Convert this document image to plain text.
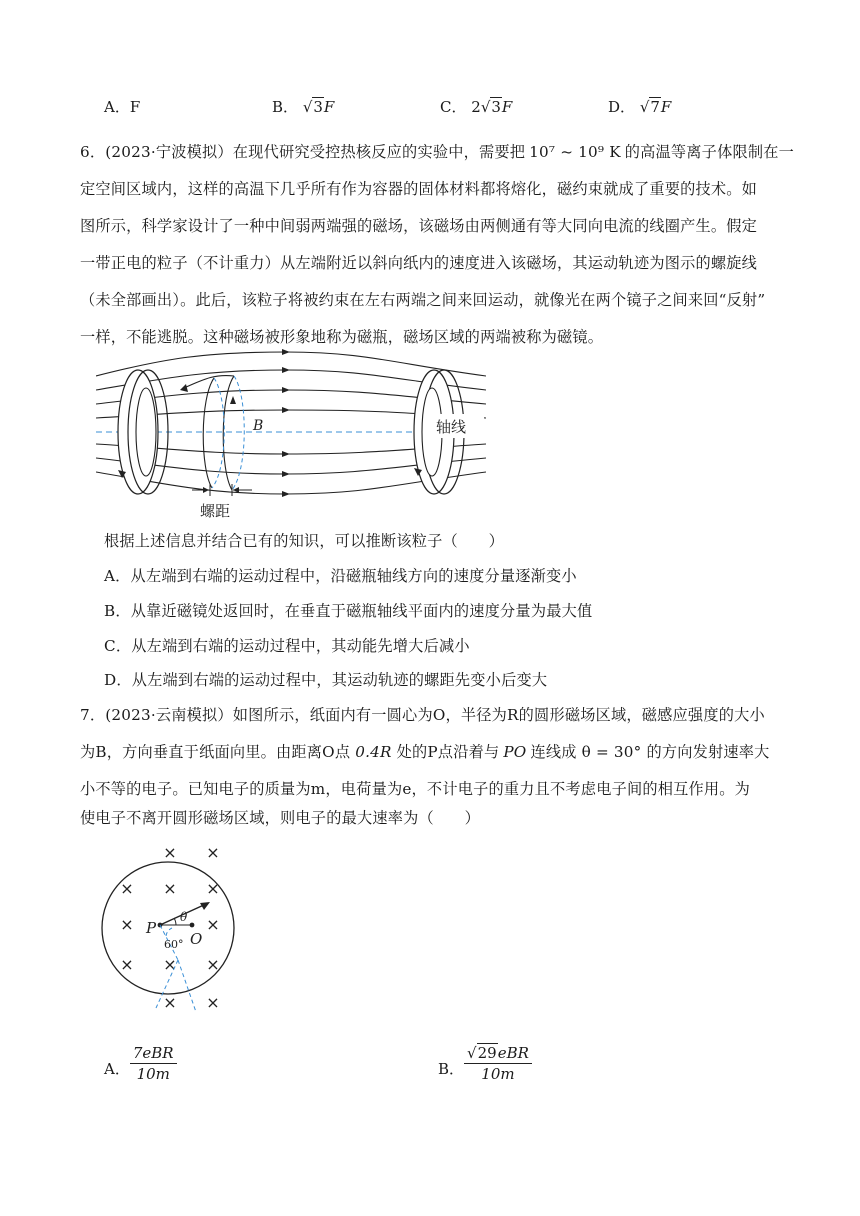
A．F	B． √3F	C． 2√3F	D． √7F
6．(2023·宁波模拟）在现代研究受控热核反应的实验中，需要把 10⁷ ~ 10⁹ K 的高温等离子体限制在一
定空间区域内，这样的高温下几乎所有作为容器的固体材料都将熔化，磁约束就成了重要的技术。如
图所示，科学家设计了一种中间弱两端强的磁场，该磁场由两侧通有等大同向电流的线圈产生。假定
一带正电的粒子（不计重力）从左端附近以斜向纸内的速度进入该磁场，其运动轨迹为图示的螺旋线
（未全部画出）。此后，该粒子将被约束在左右两端之间来回运动，就像光在两个镜子之间来回“反射”
一样，不能逃脱。这种磁场被形象地称为磁瓶，磁场区域的两端被称为磁镜。
B	轴线
螺距
根据上述信息并结合已有的知识，可以推断该粒子（　　）
A．从左端到右端的运动过程中，沿磁瓶轴线方向的速度分量逐渐变小
B．从靠近磁镜处返回时，在垂直于磁瓶轴线平面内的速度分量为最大值
C．从左端到右端的运动过程中，其动能先增大后减小
D．从左端到右端的运动过程中，其运动轨迹的螺距先变小后变大
7．(2023·云南模拟）如图所示，纸面内有一圆心为O，半径为R的圆形磁场区域，磁感应强度的大小
为B，方向垂直于纸面向里。由距离O点 0.4R 处的P点沿着与 PO 连线成 θ = 30° 的方向发射速率大
小不等的电子。已知电子的质量为m，电荷量为e，不计电子的重力且不考虑电子间的相互作用。为
使电子不离开圆形磁场区域，则电子的最大速率为（　　）
× ×
× × ×
×	×
× × ×
× ×
P
O
θ
60°
A． $\frac{\text{7eBR}}{10m}$	B． $\frac{\text{√29eBR}}{10m}$
